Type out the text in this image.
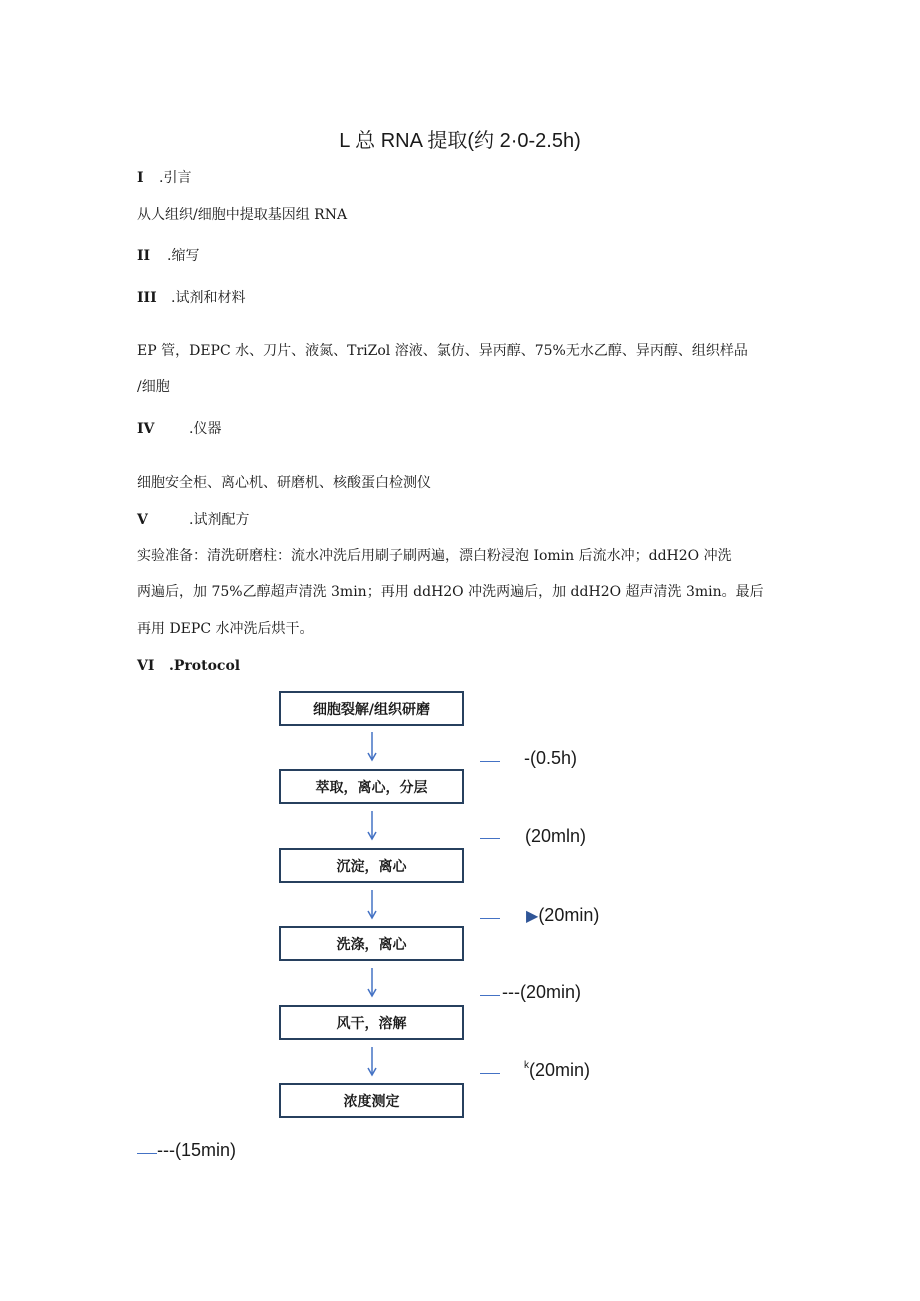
L 总 RNA 提取(约 2·0-2.5h)
I .引言
从人组织/细胞中提取基因组 RNA
II .缩写
III .试剂和材料
EP 管，DEPC 水、刀片、液氮、TriZol 溶液、氯仿、异丙醇、75%无水乙醇、异丙醇、组织样品
/细胞
IV .仪器
细胞安全柜、离心机、研磨机、核酸蛋白检测仪
V	.试剂配方
实验准备：清洗研磨柱：流水冲洗后用刷子刷两遍，漂白粉浸泡 Iomin 后流水冲；ddH2O 冲洗
两遍后，加 75%乙醇超声清洗 3min；再用 ddH2O 冲洗两遍后，加 ddH2O 超声清洗 3min。最后
再用 DEPC 水冲洗后烘干。
VI .Protocol
细胞裂解/组织研磨
萃取，离心，分层
沉淀，离心
洗涤，离心
风干，溶解
浓度测定
-(0.5h)
(20mln)
▶(20min)
---(20min)
$^k$(20min)
---(15min)
